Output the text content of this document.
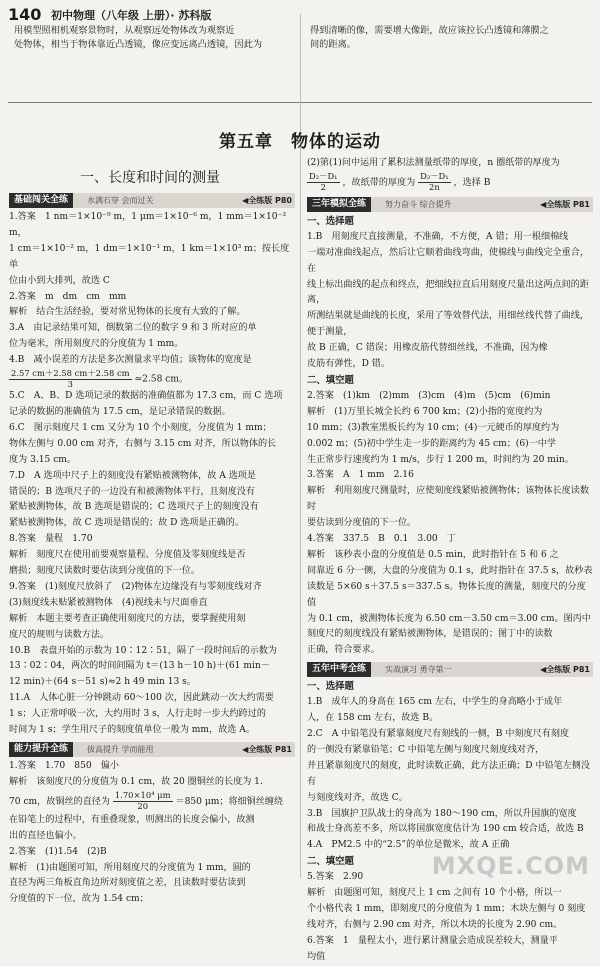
140 初中物理（八年级 上册）· 苏科版
用模型照相机观察景物时，从观察远处物体改为观察近
处物体，相当于物体靠近凸透镜，像应变远离凸透镜，因此为
得到清晰的像，需要增大像距，故应该拉长凸透镜和薄膜之
间的距离。
第五章　物体的运动
一、长度和时间的测量
基础闯关全练	水满石穿 会而过关	◀全练版 P80

1.答案　1 nm＝1×10⁻⁹ m，1 μm＝1×10⁻⁶ m，1 mm＝1×10⁻³ m，

1 cm＝1×10⁻² m，1 dm＝1×10⁻¹ m，1 km＝1×10³ m；按长度单

位由小到大排列，故选 C

2.答案　m　dm　cm　mm

解析　结合生活经验，要对常见物体的长度有大致的了解。

3.A　由记录结果可知，倒数第二位的数字 9 和 3 所对应的单

位为毫米，所用刻度尺的分度值为 1 mm。

4.B　减小误差的方法是多次测量求平均值；该物体的宽度是

$\frac{2.57 cm+2.58 cm+2.58 cm}{3} \approx 2.58$ cm。

5.C　A、B、D 选项记录的数据的准确值都为 17.3 cm，而 C 选项

记录的数据的准确值为 17.5 cm，是记录错误的数据。

6.C　图示刻度尺 1 cm 又分为 10 个小刻度，分度值为 1 mm；

物体左侧与 0.00 cm 对齐，右侧与 3.15 cm 对齐，所以物体的长

度为 3.15 cm。

7.D　A 选项中尺子上的刻度没有紧贴被测物体，故 A 选项是

错误的；B 选项尺子的一边没有和被测物体平行，且刻度没有

紧贴被测物体，故 B 选项是错误的；C 选项尺子上的刻度没有

紧贴被测物体，故 C 选项是错误的；故 D 选项是正确的。

8.答案　量程　1.70

解析　刻度尺在使用前要观察量程、分度值及零刻度线是否

磨损；刻度尺读数时要估读到分度值的下一位。

9.答案　(1)刻度尺放斜了　(2)物体左边缘没有与零刻度线对齐

(3)刻度线未贴紧被测物体　(4)视线未与尺面垂直

解析　本题主要考查正确使用刻度尺的方法，要掌握使用刻

度尺的规则与读数方法。

10.B　表盘开始的示数为 10∶12∶51，隔了一段时间后的示数为

13∶02∶04，两次的时间间隔为 t＝(13 h－10 h)＋(61 min－

12 min)＋(64 s－51 s)≈2 h 49 min 13 s。

11.A　人体心脏一分钟跳动 60～100 次，因此跳动一次大约需要

1 s；人正常呼吸一次，大约用时 3 s，人行走时一步大约跨过的

时间为 1 s；学生用尺子的刻度值单位一般为 mm，故选 A。

能力提升全练	拔高提升 学而能用	◀全练版 P81

1.答案　1.70　850　偏小

解析　该刻度尺的分度值为 0.1 cm，故 20 圈铜丝的长度为 1.

70 cm，故铜丝的直径为 $\frac{\text{1.70×10⁴ μm}}{20} =850$ μm；将细铜丝缠绕

在铅笔上的过程中，有重叠现象，则测出的长度会偏小，故测

出的直径也偏小。

2.答案　(1)1.54　(2)B

解析　(1)由题图可知，所用刻度尺的分度值为 1 mm，圆的

直径为两三角板直角边所对刻度值之差，且读数时要估读到

分度值的下一位，故为 1.54 cm；

(2)第(1)问中运用了累积法测量纸带的厚度，n 圈纸带的厚度为

$\frac{\text{D₂－D₁}}{2}$ ，故纸带的厚度为 $\frac{\text{D₂－D₁}}{2n}$ ，选择 B

三年模拟全练	努力奋斗 综合提升	◀全练版 P81

一、选择题

1.B　用刻度尺直接测量，不准确，不方便，A 错；用一根细棉线

一端对准曲线起点，然后让它顺着曲线弯曲，使棉线与曲线完全重合，在

线上标出曲线的起点和终点，把细线拉直后用刻度尺量出这两点间的距离，

所测结果就是曲线的长度，采用了等效替代法，用细丝线代替了曲线，便于测量，

故 B 正确，C 错误；用橡皮筋代替细丝线，不准确，因为橡

皮筋有弹性，D 错。

二、填空题

2.答案　(1)km　(2)mm　(3)cm　(4)m　(5)cm　(6)min

解析　(1)万里长城全长约 6 700 km；(2)小指的宽度约为

10 mm；(3)教室黑板长约为 10 cm；(4)一元硬币的厚度约为

0.002 m；(5)初中学生走一步的距离约为 45 cm；(6)一中学

生正常步行速度约为 1 m/s，步行 1 200 m，时间约为 20 min。

3.答案　A　1 mm　2.16

解析　利用刻度尺测量时，应使刻度线紧贴被测物体；该物体长度读数时

要估读到分度值的下一位。

4.答案　337.5　B　0.1　3.00　丁

解析　该秒表小盘的分度值是 0.5 min，此时指针在 5 和 6 之

间靠近 6 分一侧，大盘的分度值为 0.1 s，此时指针在 37.5 s，故秒表

读数是 5×60 s＋37.5 s＝337.5 s。物体长度的测量，刻度尺的分度值

为 0.1 cm，被测物体长度为 6.50 cm－3.50 cm＝3.00 cm。图丙中

刻度尺的刻度线没有紧贴被测物体，是错误的；图丁中的读数

正确，符合要求。

五年中考全练	实战演习 勇夺第一	◀全练版 P81

一、选择题

1.B　成年人的身高在 165 cm 左右，中学生的身高略小于成年

人，在 158 cm 左右，故选 B。

2.C　A 中铅笔没有紧靠刻度尺有刻线的一侧，B 中刻度尺有刻度

的一侧没有紧靠铅笔；C 中铅笔左侧与刻度尺刻度线对齐，

并且紧靠刻度尺的刻度，此时读数正确，此方法正确；D 中铅笔左侧没有

与刻度线对齐，故选 C。

3.B　国旗护卫队战士的身高为 180～190 cm，所以升国旗的宽度

和战士身高差不多，所以将国旗宽度估计为 190 cm 较合适，故选 B

4.A　PM2.5 中的“2.5”的单位是微米，故 A 正确

二、填空题

5.答案　2.90

解析　由题图可知，刻度尺上 1 cm 之间有 10 个小格，所以一

个小格代表 1 mm，即刻度尺的分度值为 1 mm；木块左侧与 0 刻度

线对齐，右侧与 2.90 cm 对齐，所以木块的长度为 2.90 cm。

6.答案　1　量程太小，进行累计测量会造成误差较大，测量平

均值

MXQE.COM
